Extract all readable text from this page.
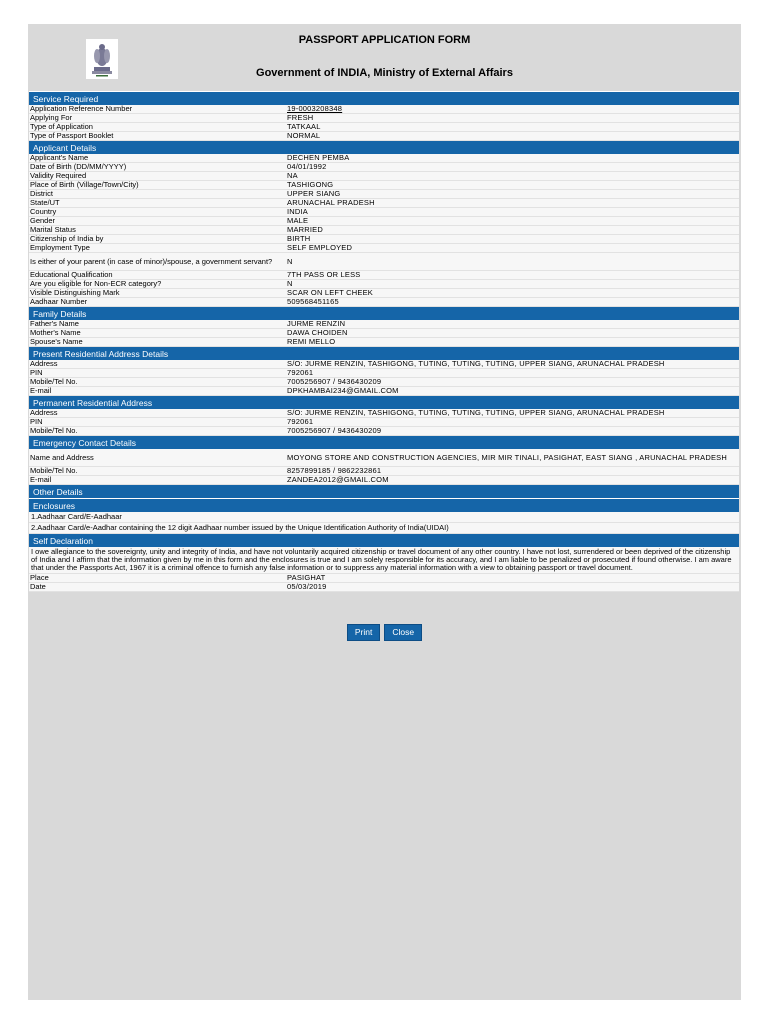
PASSPORT APPLICATION FORM
Government of INDIA, Ministry of External Affairs
Service Required	
Application Reference Number	19-0003208348
Applying For	FRESH
Type of Application	TATKAAL
Type of Passport Booklet	NORMAL
Applicant Details	
Applicant's Name	DECHEN PEMBA
Date of Birth (DD/MM/YYYY)	04/01/1992
Validity Required	NA
Place of Birth (Village/Town/City)	TASHIGONG
District	UPPER SIANG
State/UT	ARUNACHAL PRADESH
Country	INDIA
Gender	MALE
Marital Status	MARRIED
Citizenship of India by	BIRTH
Employment Type	SELF EMPLOYED
Is either of your parent (in case of minor)/spouse, a government servant?	N
Educational Qualification	7TH PASS OR LESS
Are you eligible for Non-ECR category?	N
Visible Distinguishing Mark	SCAR ON LEFT CHEEK
Aadhaar Number	509568451165
Family Details	
Father's Name	JURME RENZIN
Mother's Name	DAWA CHOIDEN
Spouse's Name	REMI MELLO
Present Residential Address Details	
Address	S/O: JURME RENZIN, TASHIGONG, TUTING, TUTING, TUTING, UPPER SIANG, ARUNACHAL PRADESH
PIN	792061
Mobile/Tel No.	7005256907 / 9436430209
E-mail	DPKHAMBAI234@GMAIL.COM
Permanent Residential Address	
Address	S/O: JURME RENZIN, TASHIGONG, TUTING, TUTING, TUTING, UPPER SIANG, ARUNACHAL PRADESH
PIN	792061
Mobile/Tel No.	7005256907 / 9436430209
Emergency Contact Details	
Name and Address	MOYONG STORE AND CONSTRUCTION AGENCIES, MIR MIR TINALI, PASIGHAT, EAST SIANG , ARUNACHAL PRADESH
Mobile/Tel No.	8257899185 / 9862232861
E-mail	ZANDEA2012@GMAIL.COM
Other Details	
Enclosures	
1.Aadhaar Card/E-Aadhaar	
2.Aadhaar Card/e-Aadhar containing the 12 digit Aadhaar number issued by the Unique Identification Authority of India(UIDAI)	
Self Declaration	
I owe allegiance to the sovereignty, unity and integrity of India, and have not voluntarily acquired citizenship or travel document of any other country. I have not lost, surrendered or been deprived of the citizenship of India and I affirm that the information given by me in this form and the enclosures is true and I am solely responsible for its accuracy, and I am liable to be penalized or prosecuted if found otherwise. I am aware that under the Passports Act, 1967 it is a criminal offence to furnish any false information or to suppress any material information with a view to obtaining passport or travel document.	
Place	PASIGHAT
Date	05/03/2019
Print Close
